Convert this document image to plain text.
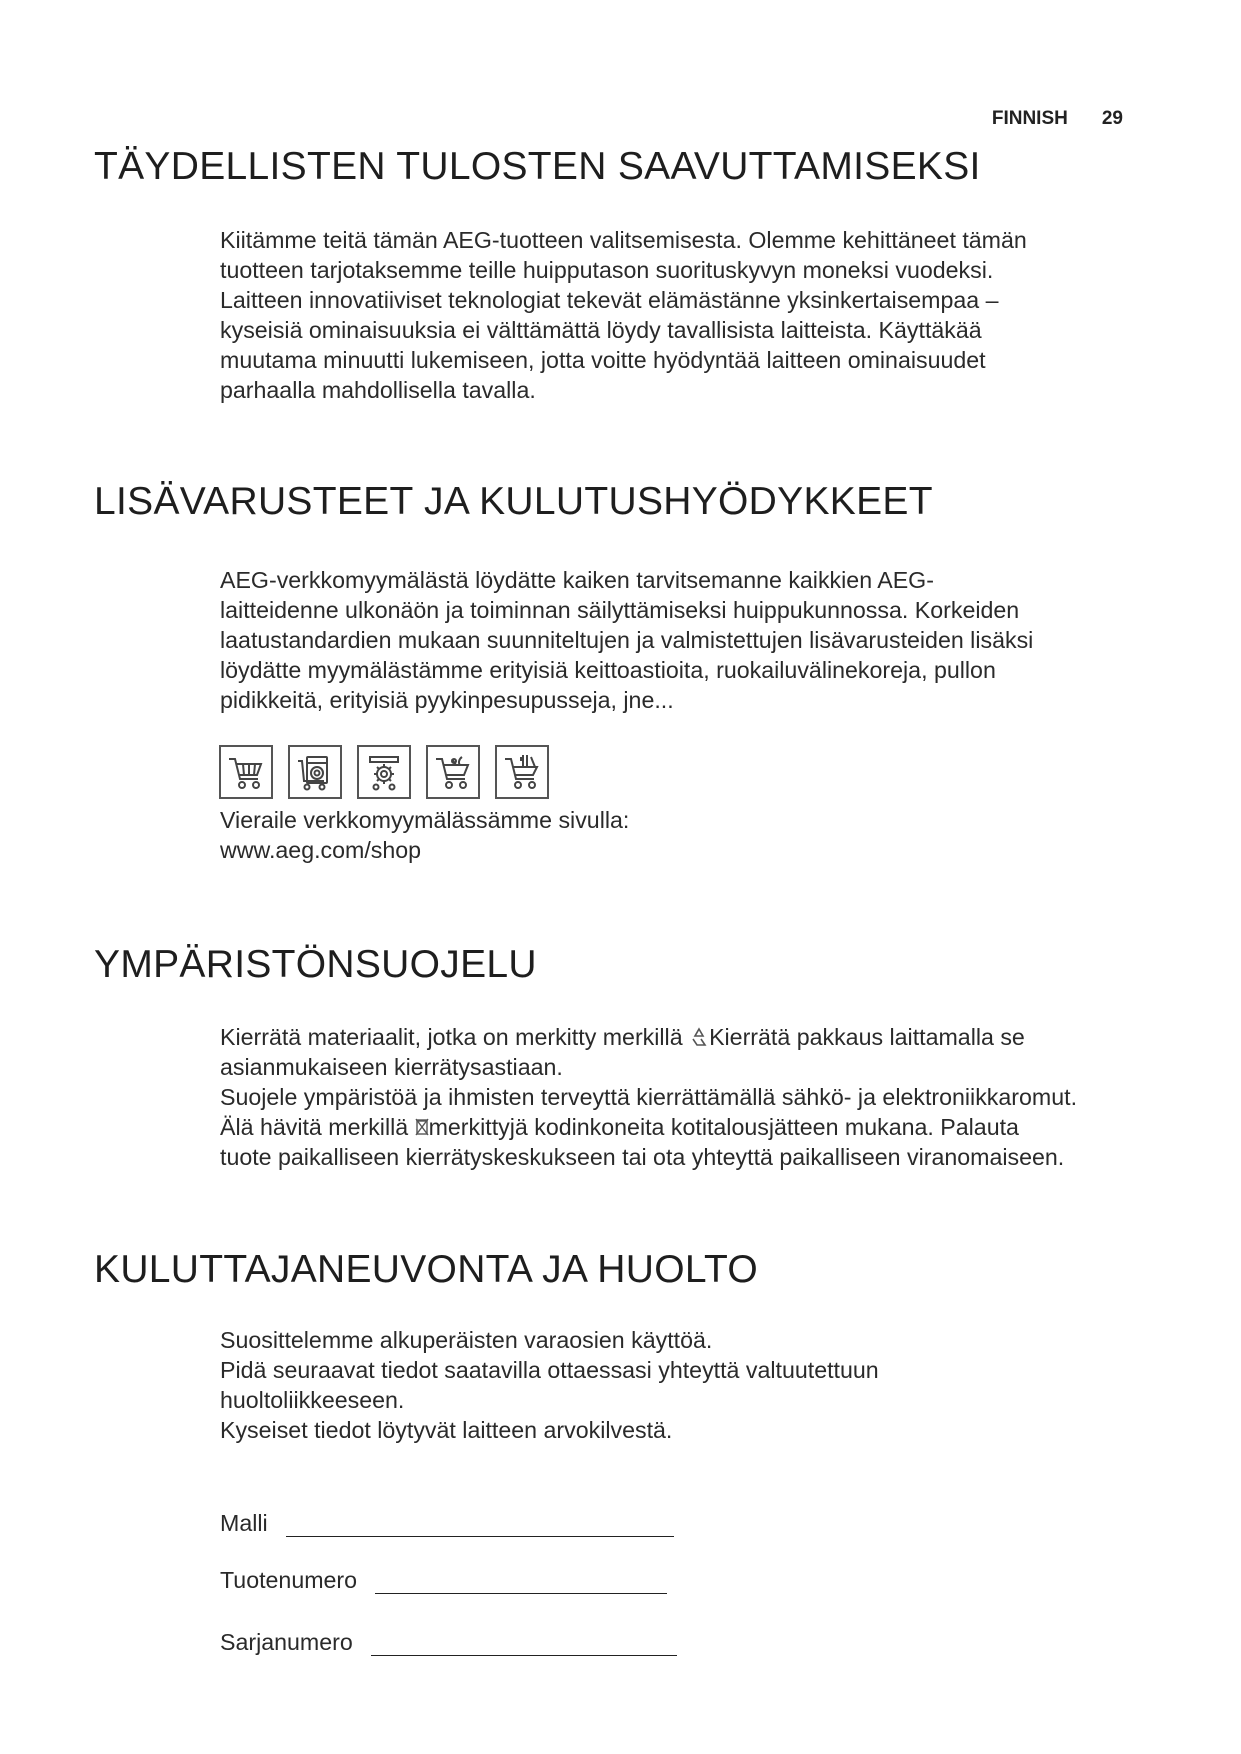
FINNISH 29
TÄYDELLISTEN TULOSTEN SAAVUTTAMISEKSI
Kiitämme teitä tämän AEG-tuotteen valitsemisesta. Olemme kehittäneet tämän
tuotteen tarjotaksemme teille huipputason suorituskyvyn moneksi vuodeksi.
Laitteen innovatiiviset teknologiat tekevät elämästänne yksinkertaisempaa –
kyseisiä ominaisuuksia ei välttämättä löydy tavallisista laitteista. Käyttäkää
muutama minuutti lukemiseen, jotta voitte hyödyntää laitteen ominaisuudet
parhaalla mahdollisella tavalla.
LISÄVARUSTEET JA KULUTUSHYÖDYKKEET
AEG-verkkomyymälästä löydätte kaiken tarvitsemanne kaikkien AEG-
laitteidenne ulkonäön ja toiminnan säilyttämiseksi huippukunnossa. Korkeiden
laatustandardien mukaan suunniteltujen ja valmistettujen lisävarusteiden lisäksi
löydätte myymälästämme erityisiä keittoastioita, ruokailuvälinekoreja, pullon
pidikkeitä, erityisiä pyykinpesupusseja, jne...
Vieraile verkkomyymälässämme sivulla:
www.aeg.com/shop
YMPÄRISTÖNSUOJELU
Kierrätä materiaalit, jotka on merkitty merkillä Kierrätä pakkaus laittamalla se
asianmukaiseen kierrätysastiaan.
Suojele ympäristöä ja ihmisten terveyttä kierrättämällä sähkö- ja elektroniikkaromut.
Älä hävitä merkillä merkittyjä kodinkoneita kotitalousjätteen mukana. Palauta
tuote paikalliseen kierrätyskeskukseen tai ota yhteyttä paikalliseen viranomaiseen.
KULUTTAJANEUVONTA JA HUOLTO
Suosittelemme alkuperäisten varaosien käyttöä.
Pidä seuraavat tiedot saatavilla ottaessasi yhteyttä valtuutettuun
huoltoliikkeeseen.
Kyseiset tiedot löytyvät laitteen arvokilvestä.
Malli
Tuotenumero
Sarjanumero
